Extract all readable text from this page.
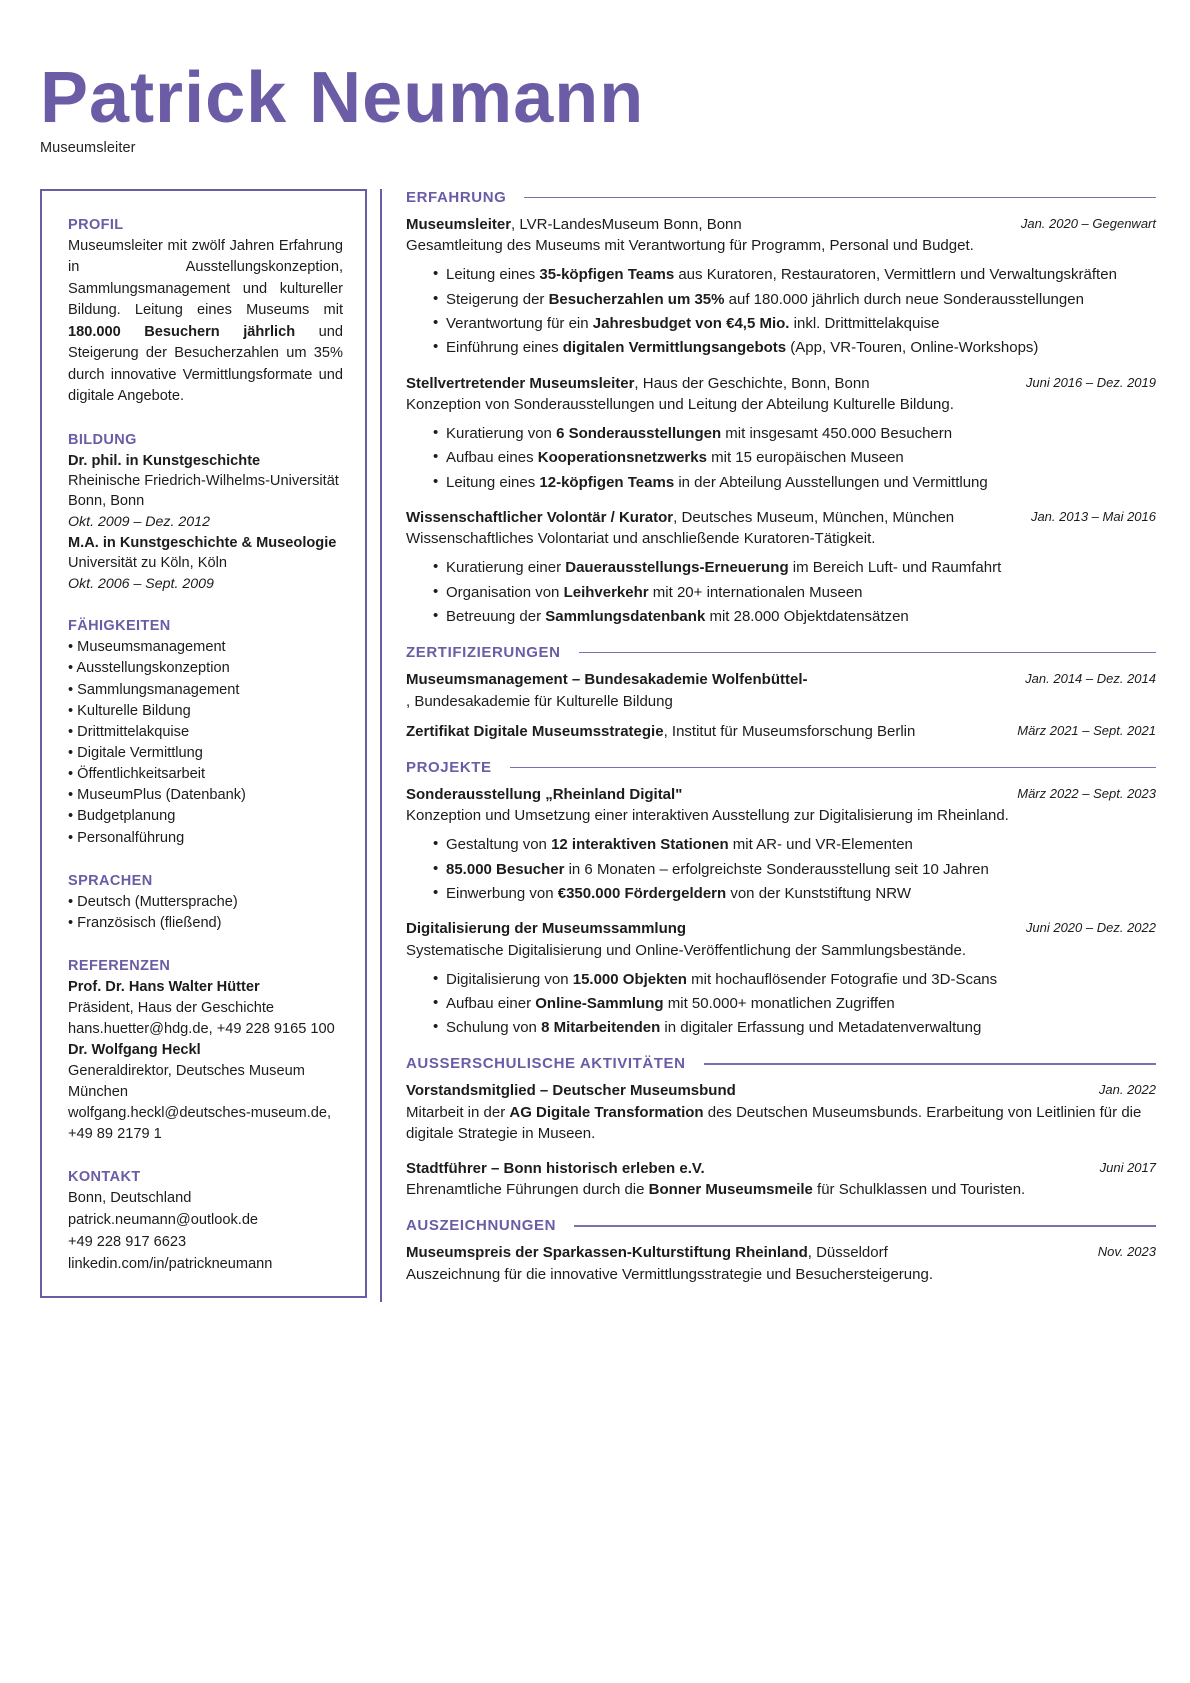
Patrick Neumann
Museumsleiter
PROFIL
Museumsleiter mit zwölf Jahren Erfahrung in Ausstellungskonzeption, Sammlungsmanagement und kultureller Bildung. Leitung eines Museums mit 180.000 Besuchern jährlich und Steigerung der Besucherzahlen um 35% durch innovative Vermittlungsformate und digitale Angebote.
BILDUNG
Dr. phil. in Kunstgeschichte
Rheinische Friedrich-Wilhelms-Universität Bonn, Bonn
Okt. 2009 – Dez. 2012
M.A. in Kunstgeschichte & Museologie
Universität zu Köln, Köln
Okt. 2006 – Sept. 2009
FÄHIGKEITEN
• Museumsmanagement
• Ausstellungskonzeption
• Sammlungsmanagement
• Kulturelle Bildung
• Drittmittelakquise
• Digitale Vermittlung
• Öffentlichkeitsarbeit
• MuseumPlus (Datenbank)
• Budgetplanung
• Personalführung
SPRACHEN
• Deutsch (Muttersprache)
• Französisch (fließend)
REFERENZEN
Prof. Dr. Hans Walter Hütter
Präsident, Haus der Geschichte
hans.huetter@hdg.de, +49 228 9165 100
Dr. Wolfgang Heckl
Generaldirektor, Deutsches Museum München
wolfgang.heckl@deutsches-museum.de, +49 89 2179 1
KONTAKT
Bonn, Deutschland
patrick.neumann@outlook.de
+49 228 917 6623
linkedin.com/in/patrickneumann
ERFAHRUNG
Museumsleiter, LVR-LandesMuseum Bonn, Bonn	Jan. 2020 – Gegenwart
Gesamtleitung des Museums mit Verantwortung für Programm, Personal und Budget.
• Leitung eines 35-köpfigen Teams aus Kuratoren, Restauratoren, Vermittlern und Verwaltungskräften
• Steigerung der Besucherzahlen um 35% auf 180.000 jährlich durch neue Sonderausstellungen
• Verantwortung für ein Jahresbudget von €4,5 Mio. inkl. Drittmittelakquise
• Einführung eines digitalen Vermittlungsangebots (App, VR-Touren, Online-Workshops)
Stellvertretender Museumsleiter, Haus der Geschichte, Bonn, Bonn	Juni 2016 – Dez. 2019
Konzeption von Sonderausstellungen und Leitung der Abteilung Kulturelle Bildung.
• Kuratierung von 6 Sonderausstellungen mit insgesamt 450.000 Besuchern
• Aufbau eines Kooperationsnetzwerks mit 15 europäischen Museen
• Leitung eines 12-köpfigen Teams in der Abteilung Ausstellungen und Vermittlung
Wissenschaftlicher Volontär / Kurator, Deutsches Museum, München, München	Jan. 2013 – Mai 2016
Wissenschaftliches Volontariat und anschließende Kuratoren-Tätigkeit.
• Kuratierung einer Dauerausstellungs-Erneuerung im Bereich Luft- und Raumfahrt
• Organisation von Leihverkehr mit 20+ internationalen Museen
• Betreuung der Sammlungsdatenbank mit 28.000 Objektdatensätzen
ZERTIFIZIERUNGEN
Museumsmanagement – Bundesakademie Wolfenbüttel-	Jan. 2014 – Dez. 2014
, Bundesakademie für Kulturelle Bildung
Zertifikat Digitale Museumsstrategie, Institut für Museumsforschung Berlin	März 2021 – Sept. 2021
PROJEKTE
Sonderausstellung „Rheinland Digital"	März 2022 – Sept. 2023
Konzeption und Umsetzung einer interaktiven Ausstellung zur Digitalisierung im Rheinland.
• Gestaltung von 12 interaktiven Stationen mit AR- und VR-Elementen
• 85.000 Besucher in 6 Monaten – erfolgreichste Sonderausstellung seit 10 Jahren
• Einwerbung von €350.000 Fördergeldern von der Kunststiftung NRW
Digitalisierung der Museumssammlung	Juni 2020 – Dez. 2022
Systematische Digitalisierung und Online-Veröffentlichung der Sammlungsbestände.
• Digitalisierung von 15.000 Objekten mit hochauflösender Fotografie und 3D-Scans
• Aufbau einer Online-Sammlung mit 50.000+ monatlichen Zugriffen
• Schulung von 8 Mitarbeitenden in digitaler Erfassung und Metadatenverwaltung
AUSSERSCHULISCHE AKTIVITÄTEN
Vorstandsmitglied – Deutscher Museumsbund	Jan. 2022
Mitarbeit in der AG Digitale Transformation des Deutschen Museumsbunds. Erarbeitung von Leitlinien für die digitale Strategie in Museen.
Stadtführer – Bonn historisch erleben e.V.	Juni 2017
Ehrenamtliche Führungen durch die Bonner Museumsmeile für Schulklassen und Touristen.
AUSZEICHNUNGEN
Museumspreis der Sparkassen-Kulturstiftung Rheinland, Düsseldorf	Nov. 2023
Auszeichnung für die innovative Vermittlungsstrategie und Besuchersteigerung.
